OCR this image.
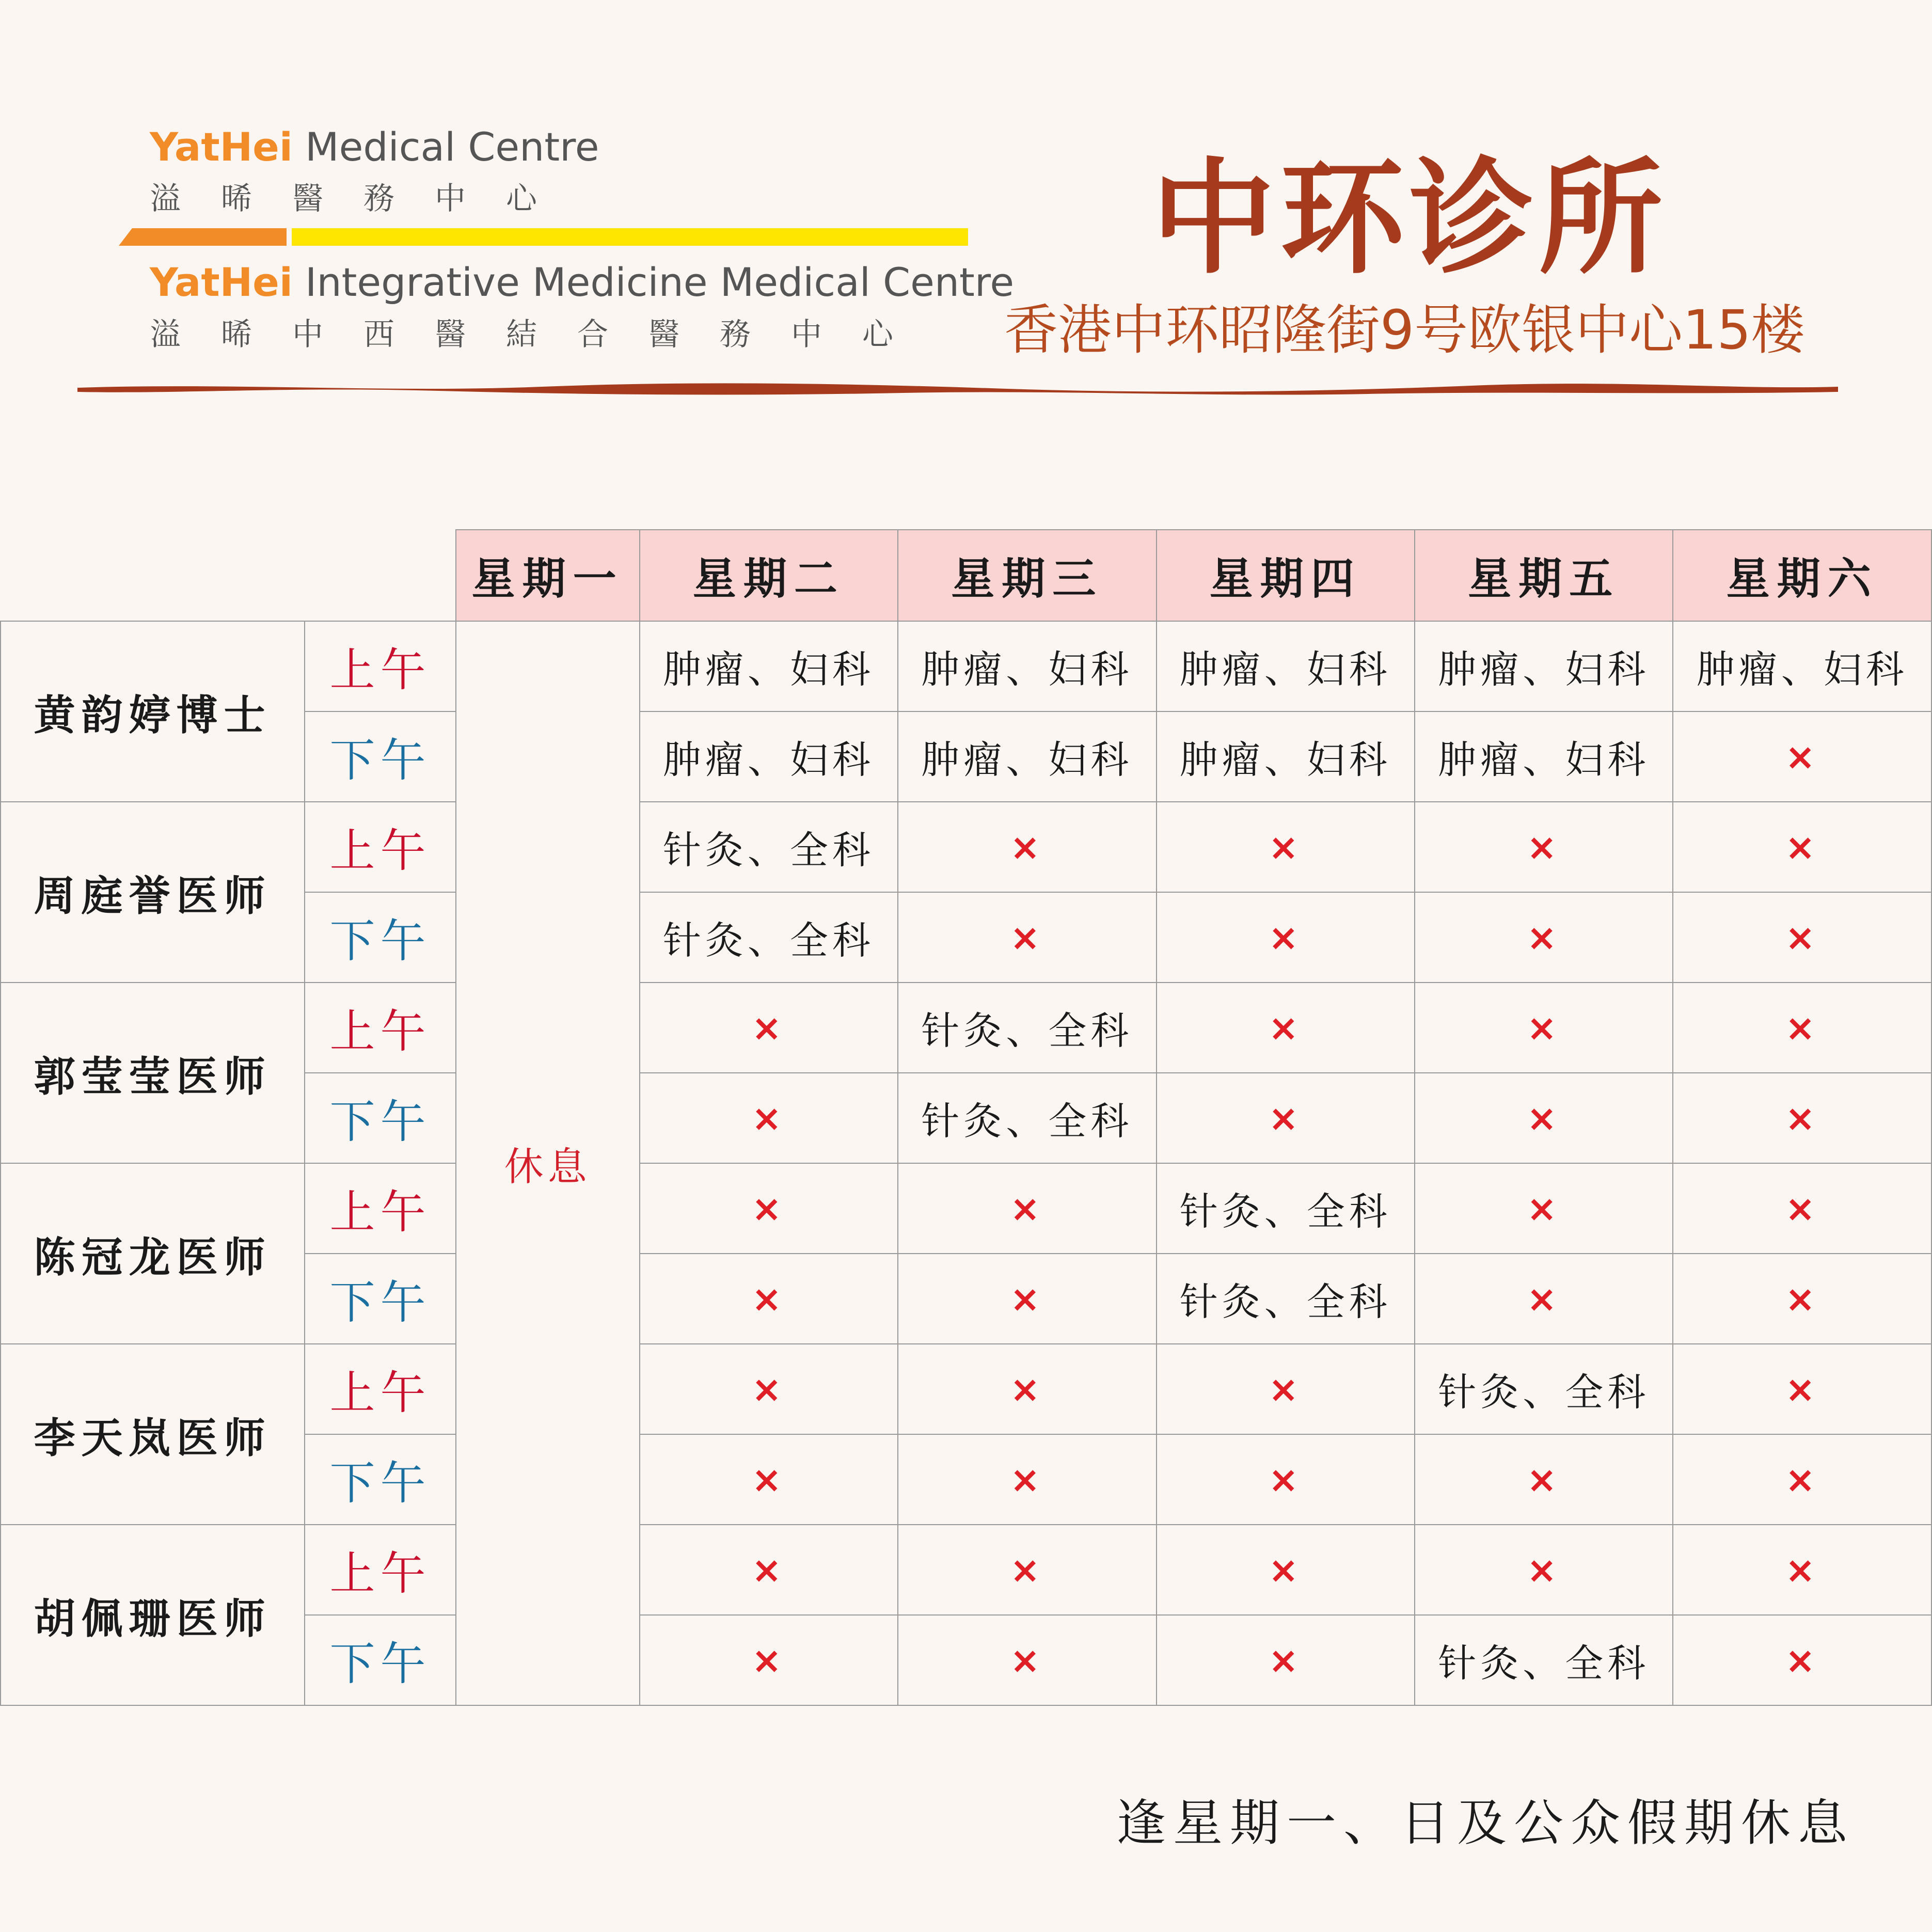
YatHei Medical Centre
溢晞醫務中心
YatHei Integrative Medicine Medical Centre
溢晞中西醫結合醫務中心
中环诊所
香港中环昭隆街9号欧银中心15楼
		星期一	星期二	星期三	星期四	星期五	星期六
黄韵婷博士	上午	休息	肿瘤、妇科	肿瘤、妇科	肿瘤、妇科	肿瘤、妇科	肿瘤、妇科
	下午		肿瘤、妇科	肿瘤、妇科	肿瘤、妇科	肿瘤、妇科	×
周庭誉医师	上午		针灸、全科	×	×	×	×
	下午		针灸、全科	×	×	×	×
郭莹莹医师	上午		×	针灸、全科	×	×	×
	下午		×	针灸、全科	×	×	×
陈冠龙医师	上午		×	×	针灸、全科	×	×
	下午		×	×	针灸、全科	×	×
李天岚医师	上午		×	×	×	针灸、全科	×
	下午		×	×	×	×	×
胡佩珊医师	上午		×	×	×	×	×
	下午		×	×	×	针灸、全科	×
逢星期一、日及公众假期休息
